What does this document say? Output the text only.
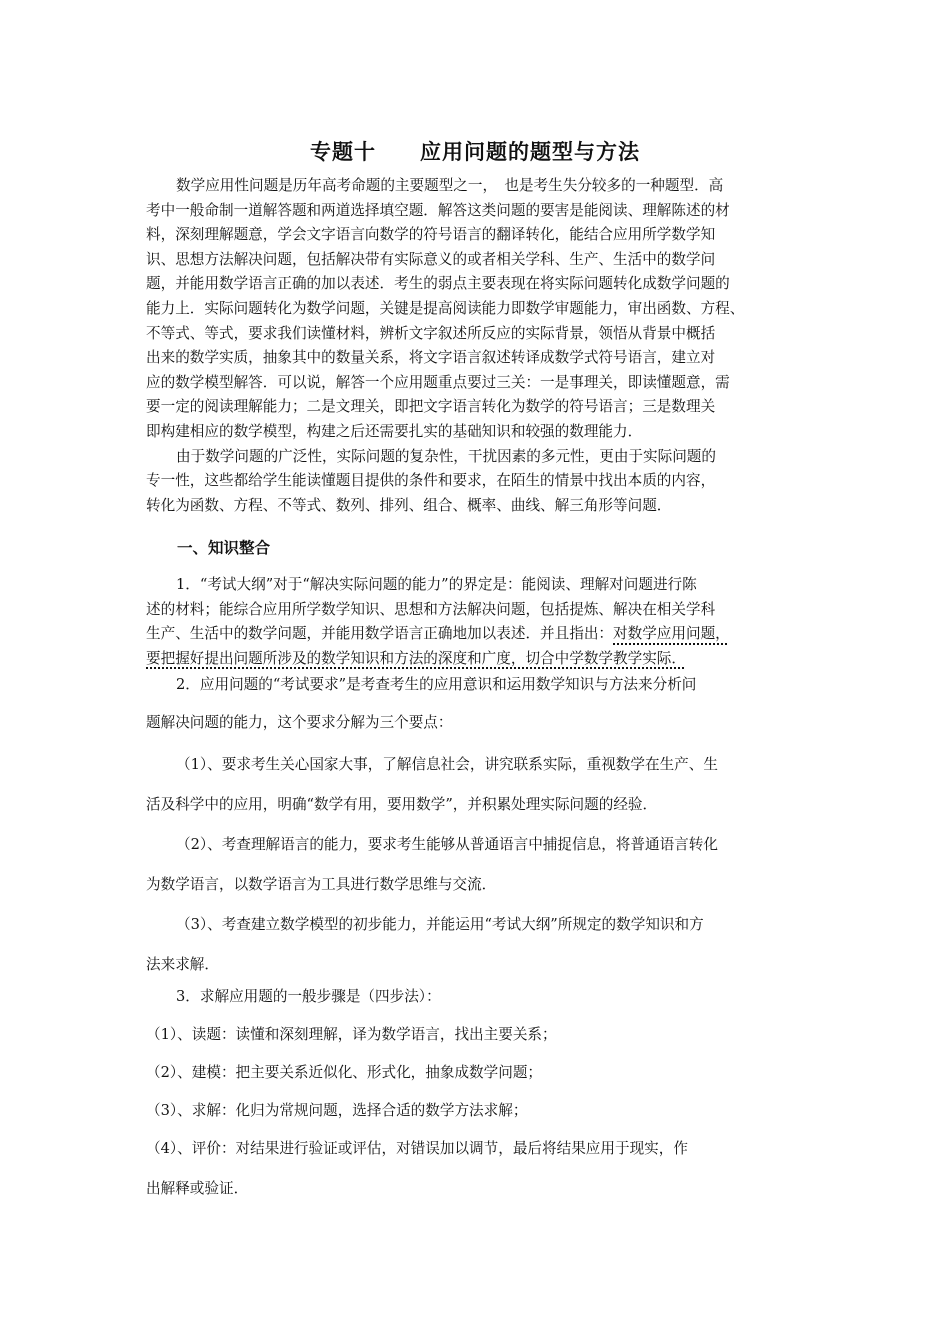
专题十　　应用问题的题型与方法
数学应用性问题是历年高考命题的主要题型之一，　也是考生失分较多的一种题型．高
考中一般命制一道解答题和两道选择填空题．解答这类问题的要害是能阅读、理解陈述的材
料，深刻理解题意，学会文字语言向数学的符号语言的翻译转化，能结合应用所学数学知
识、思想方法解决问题，包括解决带有实际意义的或者相关学科、生产、生活中的数学问
题，并能用数学语言正确的加以表述．考生的弱点主要表现在将实际问题转化成数学问题的
能力上．实际问题转化为数学问题，关键是提高阅读能力即数学审题能力，审出函数、方程、
不等式、等式，要求我们读懂材料，辨析文字叙述所反应的实际背景，领悟从背景中概括
出来的数学实质，抽象其中的数量关系，将文字语言叙述转译成数学式符号语言，建立对
应的数学模型解答．可以说，解答一个应用题重点要过三关：一是事理关，即读懂题意，需
要一定的阅读理解能力；二是文理关，即把文字语言转化为数学的符号语言；三是数理关
即构建相应的数学模型，构建之后还需要扎实的基础知识和较强的数理能力．
由于数学问题的广泛性，实际问题的复杂性，干扰因素的多元性，更由于实际问题的
专一性，这些都给学生能读懂题目提供的条件和要求，在陌生的情景中找出本质的内容，
转化为函数、方程、不等式、数列、排列、组合、概率、曲线、解三角形等问题．
一、知识整合
1．“考试大纲”对于“解决实际问题的能力”的界定是：能阅读、理解对问题进行陈
述的材料；能综合应用所学数学知识、思想和方法解决问题，包括提炼、解决在相关学科
生产、生活中的数学问题，并能用数学语言正确地加以表述．并且指出：对数学应用问题，
要把握好提出问题所涉及的数学知识和方法的深度和广度，切合中学数学教学实际．
2．应用问题的“考试要求”是考查考生的应用意识和运用数学知识与方法来分析问
题解决问题的能力，这个要求分解为三个要点：
（1）、要求考生关心国家大事，了解信息社会，讲究联系实际，重视数学在生产、生
活及科学中的应用，明确“数学有用，要用数学”，并积累处理实际问题的经验．
（2）、考查理解语言的能力，要求考生能够从普通语言中捕捉信息，将普通语言转化
为数学语言，以数学语言为工具进行数学思维与交流．
（3）、考查建立数学模型的初步能力，并能运用“考试大纲”所规定的数学知识和方
法来求解．
3．求解应用题的一般步骤是（四步法）：
（1）、读题：读懂和深刻理解，译为数学语言，找出主要关系；
（2）、建模：把主要关系近似化、形式化，抽象成数学问题；
（3）、求解：化归为常规问题，选择合适的数学方法求解；
（4）、评价：对结果进行验证或评估，对错误加以调节，最后将结果应用于现实，作
出解释或验证．
